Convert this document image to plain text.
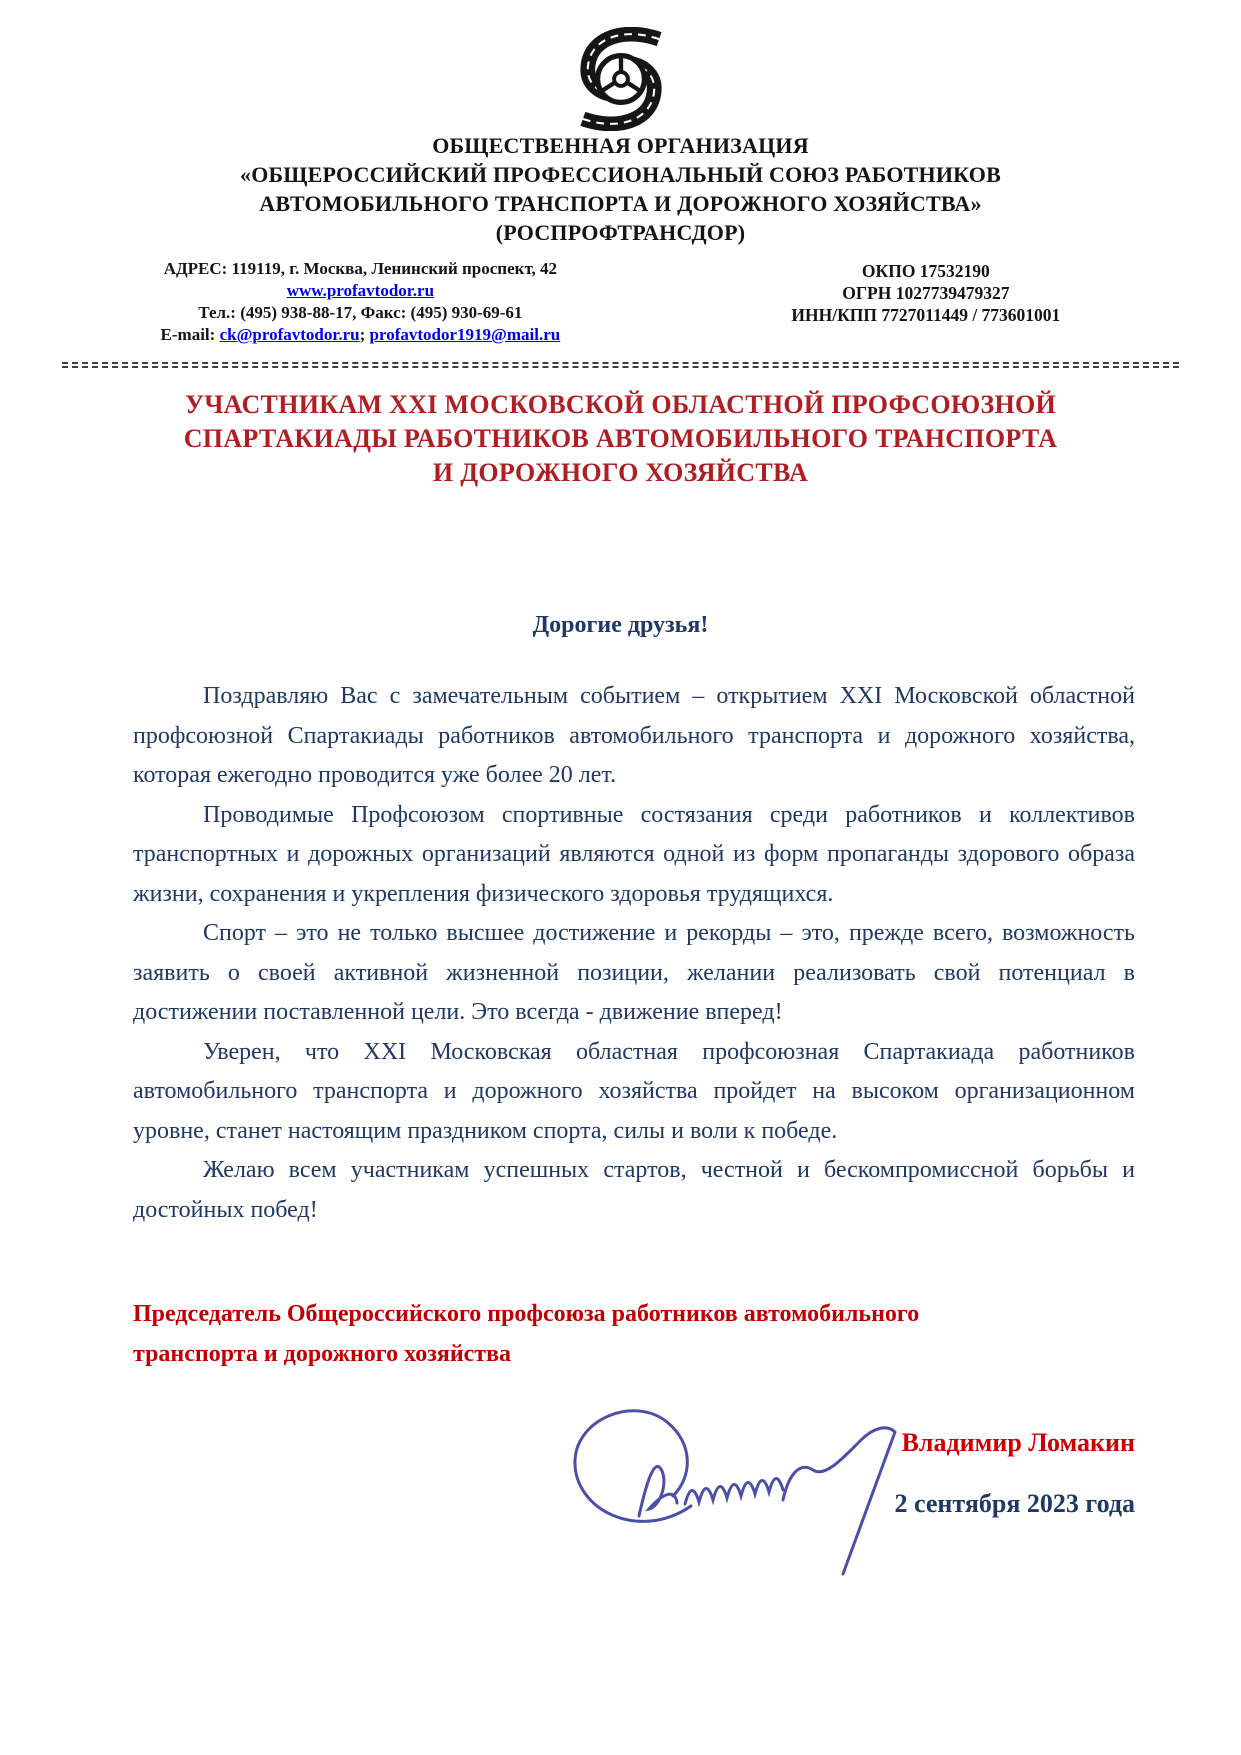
ОБЩЕСТВЕННАЯ ОРГАНИЗАЦИЯ
«ОБЩЕРОССИЙСКИЙ ПРОФЕССИОНАЛЬНЫЙ СОЮЗ РАБОТНИКОВ
АВТОМОБИЛЬНОГО ТРАНСПОРТА И ДОРОЖНОГО ХОЗЯЙСТВА»
(РОСПРОФТРАНСДОР)
АДРЕС: 119119, г. Москва, Ленинский проспект, 42
www.profavtodor.ru
Тел.: (495) 938-88-17, Факс: (495) 930-69-61
E-mail: ck@profavtodor.ru; profavtodor1919@mail.ru
ОКПО 17532190
ОГРН 1027739479327
ИНН/КПП 7727011449 / 773601001
УЧАСТНИКАМ XXI МОСКОВСКОЙ ОБЛАСТНОЙ ПРОФСОЮЗНОЙ
СПАРТАКИАДЫ РАБОТНИКОВ АВТОМОБИЛЬНОГО ТРАНСПОРТА
И ДОРОЖНОГО ХОЗЯЙСТВА
Дорогие друзья!

Поздравляю Вас с замечательным событием – открытием XXI Московской областной профсоюзной Спартакиады работников автомобильного транспорта и дорожного хозяйства, которая ежегодно проводится уже более 20 лет.

Проводимые Профсоюзом спортивные состязания среди работников и коллективов транспортных и дорожных организаций являются одной из форм пропаганды здорового образа жизни, сохранения и укрепления физического здоровья трудящихся.

Спорт – это не только высшее достижение и рекорды – это, прежде всего, возможность заявить о своей активной жизненной позиции, желании реализовать свой потенциал в достижении поставленной цели. Это всегда - движение вперед!

Уверен, что XXI Московская областная профсоюзная Спартакиада работников автомобильного транспорта и дорожного хозяйства пройдет на высоком организационном уровне, станет настоящим праздником спорта, силы и воли к победе.

Желаю всем участникам успешных стартов, честной и бескомпромиссной борьбы и достойных побед!

Председатель Общероссийского профсоюза работников автомобильного
транспорта и дорожного хозяйства
Владимир Ломакин
2 сентября 2023 года
